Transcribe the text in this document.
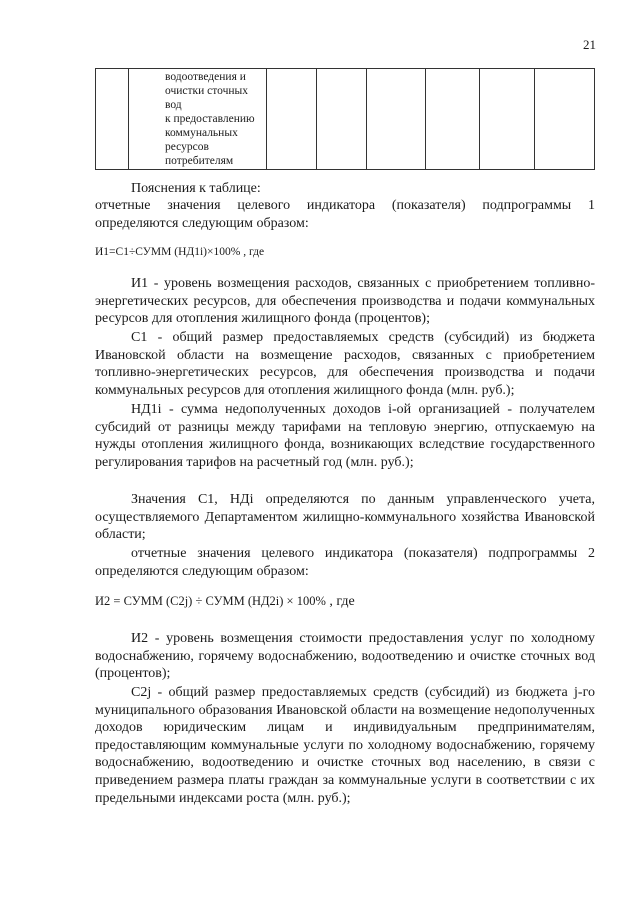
21

водоотведения и
очистки сточных вод
к предоставлению
коммунальных
ресурсов
потребителям

Пояснения к таблице:

отчетные значения целевого индикатора (показателя) подпрограммы 1 определяются следующим образом:

И1=С1÷СУММ (НД1i)×100% , где

И1 - уровень возмещения расходов, связанных с приобретением топливно-энергетических ресурсов, для обеспечения производства и подачи коммунальных ресурсов для отопления жилищного фонда (процентов);

С1 - общий размер предоставляемых средств (субсидий) из бюджета Ивановской области на возмещение расходов, связанных с приобретением топливно-энергетических ресурсов, для обеспечения производства и подачи коммунальных ресурсов для отопления жилищного фонда (млн. руб.);

НД1i - сумма недополученных доходов i-ой организацией - получателем субсидий от разницы между тарифами на тепловую энергию, отпускаемую на нужды отопления жилищного фонда, возникающих вследствие государственного регулирования тарифов на расчетный год (млн. руб.);

Значения С1, НДi определяются по данным управленческого учета, осуществляемого Департаментом жилищно-коммунального хозяйства Ивановской области;

отчетные значения целевого индикатора (показателя) подпрограммы 2 определяются следующим образом:

И2 = СУММ (С2j) ÷ СУММ (НД2i) × 100% , где

И2 - уровень возмещения стоимости предоставления услуг по холодному водоснабжению, горячему водоснабжению, водоотведению и очистке сточных вод (процентов);

С2j - общий размер предоставляемых средств (субсидий) из бюджета j-го муниципального образования Ивановской области на возмещение недополученных доходов юридическим лицам и индивидуальным предпринимателям, предоставляющим коммунальные услуги по холодному водоснабжению, горячему водоснабжению, водоотведению и очистке сточных вод населению, в связи с приведением размера платы граждан за коммунальные услуги в соответствии с их предельными индексами роста (млн. руб.);
